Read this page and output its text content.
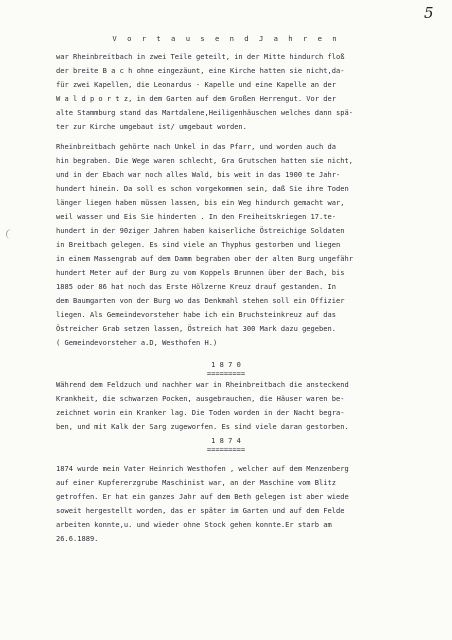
5
V o r t a u s e n d J a h r e n
war Rheinbreitbach in zwei Teile geteilt, in der Mitte hindurch floß
der breite B a c h ohne eingezäunt, eine Kirche hatten sie nicht,da-
für zwei Kapellen, die Leonardus - Kapelle und eine Kapelle an der
W a l d p o r t z, in dem Garten auf dem Großen Herrengut. Vor der
alte Stammburg stand das Martdalene,Heiligenhäuschen welches dann spä-
ter zur Kirche umgebaut ist/ umgebaut worden.
Rheinbreitbach gehörte nach Unkel in das Pfarr, und worden auch da
hin begraben. Die Wege waren schlecht, Gra Grutschen hatten sie nicht,
und in der Ebach war noch alles Wald, bis weit in das 1900 te Jahr-
hundert hinein. Da soll es schon vorgekommen sein, daß Sie ihre Toden
länger liegen haben müssen lassen, bis ein Weg hindurch gemacht war,
weil wasser und Eis Sie hinderten . In den Freiheitskriegen 17.te-
hundert in der 90ziger Jahren haben kaiserliche Östreichige Soldaten
in Breitbach gelegen. Es sind viele an Thyphus gestorben und liegen
in einem Massengrab auf dem Damm begraben ober der alten Burg ungefähr
hundert Meter auf der Burg zu vom Koppels Brunnen über der Bach, bis
1885 oder 86 hat noch das Erste Hölzerne Kreuz drauf gestanden. In
dem Baumgarten von der Burg wo das Denkmahl stehen soll ein Offizier
liegen. Als Gemeindevorsteher habe ich ein Bruchsteinkreuz auf das
Östreicher Grab setzen lassen, Östreich hat 300 Mark dazu gegeben.
( Gemeindevorsteher a.D, Westhofen H.)
1 8 7 0
=========
Während dem Feldzuch und nachher war in Rheinbreitbach die ansteckend
Krankheit, die schwarzen Pocken, ausgebrauchen, die Häuser waren be-
zeichnet worin ein Kranker lag. Die Toden worden in der Nacht begra-
ben, und mit Kalk der Sarg zugeworfen. Es sind viele daran gestorben.
1 8 7 4
=========
1874 wurde mein Vater Heinrich Westhofen , welcher auf dem Menzenberg
auf einer Kupfererzgrube Maschinist war, an der Maschine vom Blitz
getroffen. Er hat ein ganzes Jahr auf dem Beth gelegen ist aber wiede
soweit hergestellt worden, das er später im Garten und auf dem Felde
arbeiten konnte,u. und wieder ohne Stock gehen konnte.Er starb am
26.6.1889.
